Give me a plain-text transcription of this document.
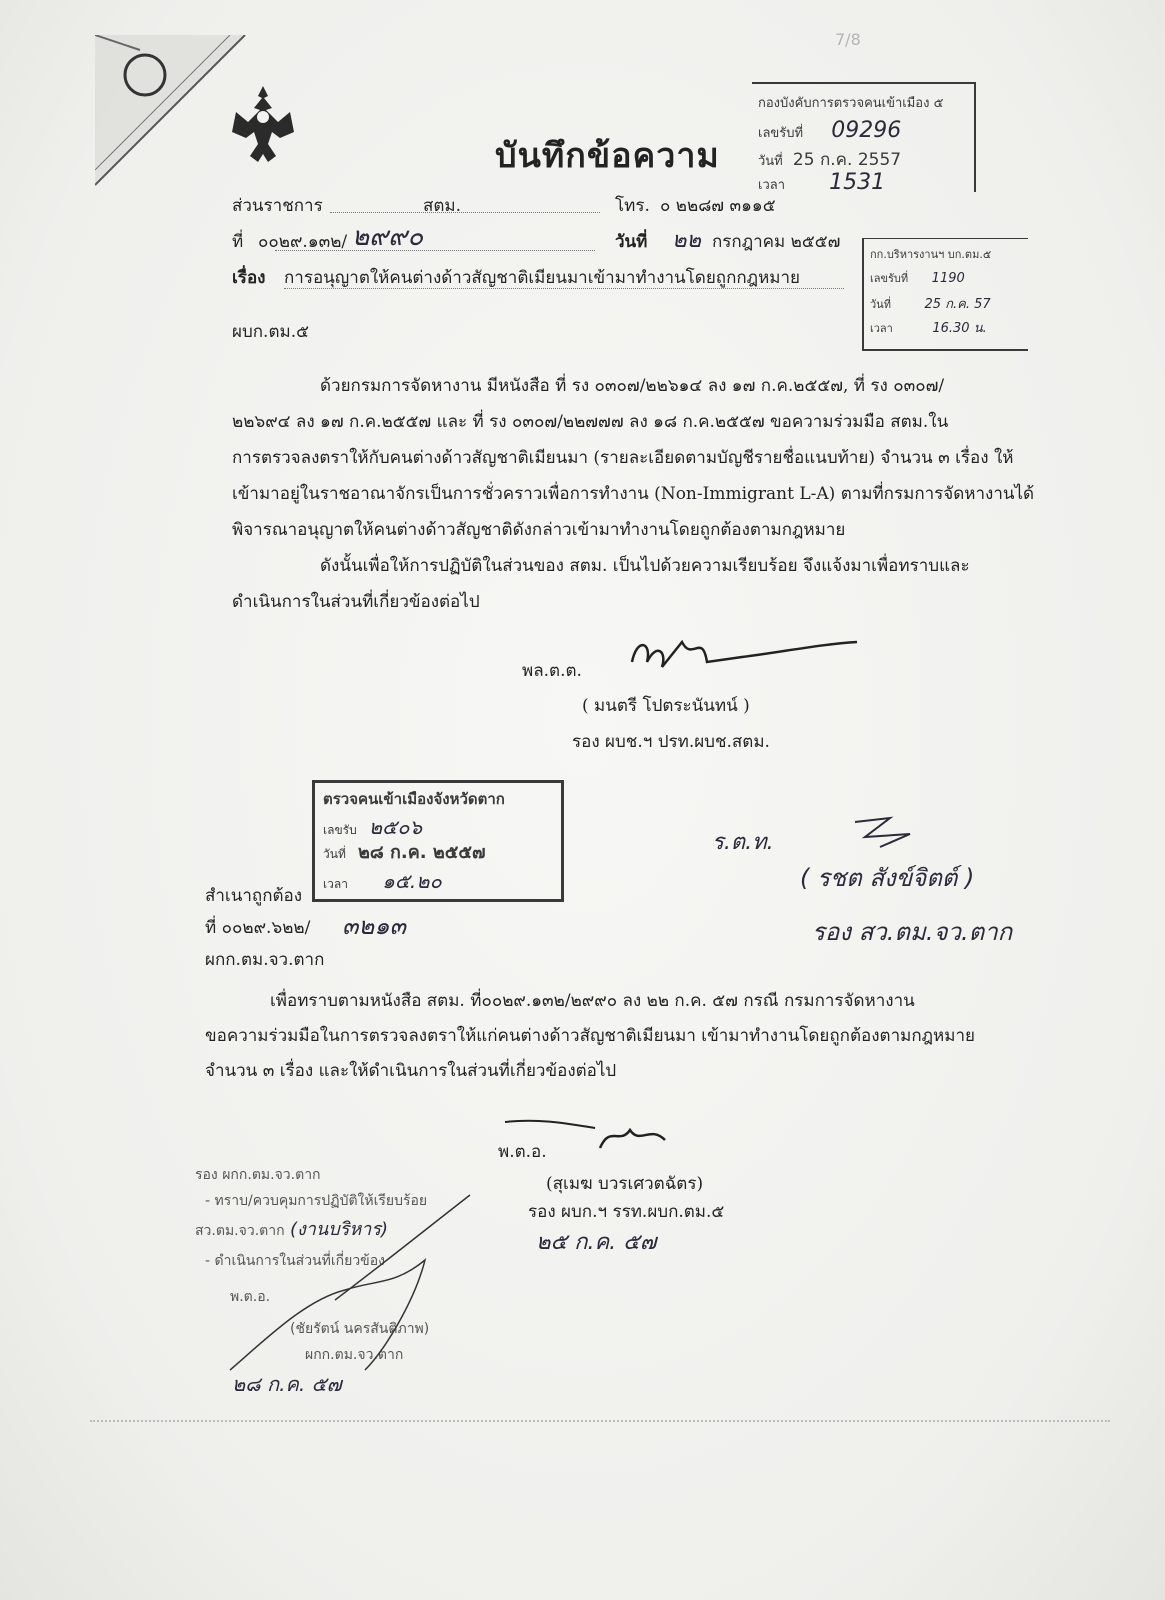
7/8
บันทึกข้อความ
กองบังคับการตรวจคนเข้าเมือง ๕
เลขรับที่ 09296
วันที่ 25 ก.ค. 2557
เวลา 1531
ส่วนราชการ	สตม.	โทร. ๐ ๒๒๘๗ ๓๑๑๕
ที่ ๐๐๒๙.๑๓๒/ ๒๙๙๐	วันที่ ๒๒ กรกฎาคม ๒๕๕๗
กก.บริหารงานฯ บก.ตม.๕
เลขรับที่ 1190
วันที่	25 ก.ค. 57
เวลา	16.30 น.
เรื่อง การอนุญาตให้คนต่างด้าวสัญชาติเมียนมาเข้ามาทำงานโดยถูกกฎหมาย
ผบก.ตม.๕
ด้วยกรมการจัดหางาน มีหนังสือ ที่ รง ๐๓๐๗/๒๒๖๑๔ ลง ๑๗ ก.ค.๒๕๕๗, ที่ รง ๐๓๐๗/
๒๒๖๙๔ ลง ๑๗ ก.ค.๒๕๕๗ และ ที่ รง ๐๓๐๗/๒๒๗๗๗ ลง ๑๘ ก.ค.๒๕๕๗ ขอความร่วมมือ สตม.ใน
การตรวจลงตราให้กับคนต่างด้าวสัญชาติเมียนมา (รายละเอียดตามบัญชีรายชื่อแนบท้าย) จำนวน ๓ เรื่อง ให้
เข้ามาอยู่ในราชอาณาจักรเป็นการชั่วคราวเพื่อการทำงาน (Non-Immigrant L-A) ตามที่กรมการจัดหางานได้
พิจารณาอนุญาตให้คนต่างด้าวสัญชาติดังกล่าวเข้ามาทำงานโดยถูกต้องตามกฎหมาย
ดังนั้นเพื่อให้การปฏิบัติในส่วนของ สตม. เป็นไปด้วยความเรียบร้อย จึงแจ้งมาเพื่อทราบและ
ดำเนินการในส่วนที่เกี่ยวข้องต่อไป
พล.ต.ต.
( มนตรี โปตระนันทน์ )
รอง ผบช.ฯ ปรท.ผบช.สตม.
ตรวจคนเข้าเมืองจังหวัดตาก
เลขรับ ๒๕๐๖
วันที่ ๒๘ ก.ค. ๒๕๕๗
เวลา ๑๕.๒๐
ร.ต.ท.
( รชต สังข์จิตต์ )
รอง สว.ตม.จว.ตาก
สำเนาถูกต้อง
ที่ ๐๐๒๙.๖๒๒/ ๓๒๑๓
ผกก.ตม.จว.ตาก
เพื่อทราบตามหนังสือ สตม. ที่๐๐๒๙.๑๓๒/๒๙๙๐ ลง ๒๒ ก.ค. ๕๗ กรณี กรมการจัดหางาน
ขอความร่วมมือในการตรวจลงตราให้แก่คนต่างด้าวสัญชาติเมียนมา เข้ามาทำงานโดยถูกต้องตามกฎหมาย
จำนวน ๓ เรื่อง และให้ดำเนินการในส่วนที่เกี่ยวข้องต่อไป
พ.ต.อ.
(สุเมฆ บวรเศวตฉัตร)
รอง ผบก.ฯ รรท.ผบก.ตม.๕
๒๕ ก.ค. ๕๗
รอง ผกก.ตม.จว.ตาก
- ทราบ/ควบคุมการปฏิบัติให้เรียบร้อย
สว.ตม.จว.ตาก (งานบริหาร)
- ดำเนินการในส่วนที่เกี่ยวข้อง
พ.ต.อ.
(ชัยรัตน์ นครสันติภาพ)
ผกก.ตม.จว.ตาก
๒๘ ก.ค. ๕๗
